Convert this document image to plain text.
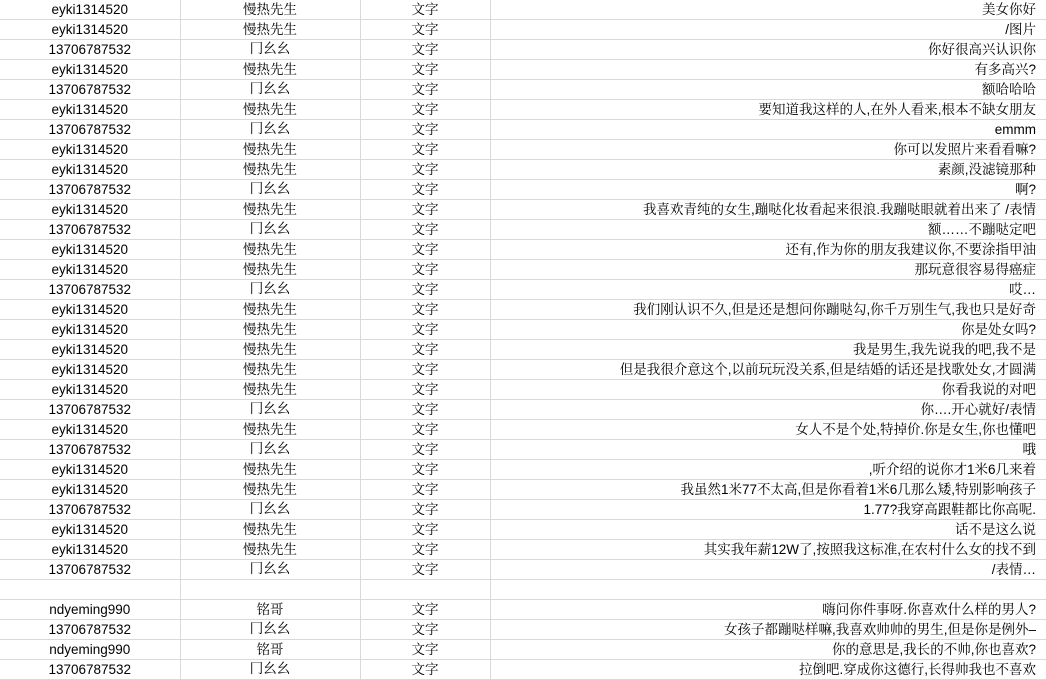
eyki1314520	慢热先生	文字	美女你好
eyki1314520	慢热先生	文字	/图片
13706787532	冂幺幺	文字	你好很高兴认识你
eyki1314520	慢热先生	文字	有多高兴?
13706787532	冂幺幺	文字	额哈哈哈
eyki1314520	慢热先生	文字	要知道我这样的人,在外人看来,根本不缺女朋友
13706787532	冂幺幺	文字	emmm
eyki1314520	慢热先生	文字	你可以发照片来看看嘛?
eyki1314520	慢热先生	文字	素颜,没滤镜那种
13706787532	冂幺幺	文字	啊?
eyki1314520	慢热先生	文字	我喜欢青纯的女生,蹦哒化妆看起来很浪.我蹦哒眼就着出来了 /表情
13706787532	冂幺幺	文字	额……不蹦哒定吧
eyki1314520	慢热先生	文字	还有,作为你的朋友我建议你,不要涂指甲油
eyki1314520	慢热先生	文字	那玩意很容易得癌症
13706787532	冂幺幺	文字	哎…
eyki1314520	慢热先生	文字	我们刚认识不久,但是还是想问你蹦哒勾,你千万别生气,我也只是好奇
eyki1314520	慢热先生	文字	你是处女吗?
eyki1314520	慢热先生	文字	我是男生,我先说我的吧,我不是
eyki1314520	慢热先生	文字	但是我很介意这个,以前玩玩没关系,但是结婚的话还是找歌处女,才圆满
eyki1314520	慢热先生	文字	你看我说的对吧
13706787532	冂幺幺	文字	你….开心就好/表情
eyki1314520	慢热先生	文字	女人不是个处,特掉价.你是女生,你也懂吧
13706787532	冂幺幺	文字	哦
eyki1314520	慢热先生	文字	,听介绍的说你才1米6几来着
eyki1314520	慢热先生	文字	我虽然1米77不太高,但是你看着1米6几那么矮,特别影响孩子
13706787532	冂幺幺	文字	1.77?我穿高跟鞋都比你高呢.
eyki1314520	慢热先生	文字	话不是这么说
eyki1314520	慢热先生	文字	其实我年薪12W了,按照我这标准,在农村什么女的找不到
13706787532	冂幺幺	文字	/表情…

ndyeming990	铭哥	文字	嗨问你件事呀.你喜欢什么样的男人?
13706787532	冂幺幺	文字	女孩子都蹦哒样嘛,我喜欢帅帅的男生,但是你是例外–
ndyeming990	铭哥	文字	你的意思是,我长的不帅,你也喜欢?
13706787532	冂幺幺	文字	拉倒吧.穿成你这德行,长得帅我也不喜欢
